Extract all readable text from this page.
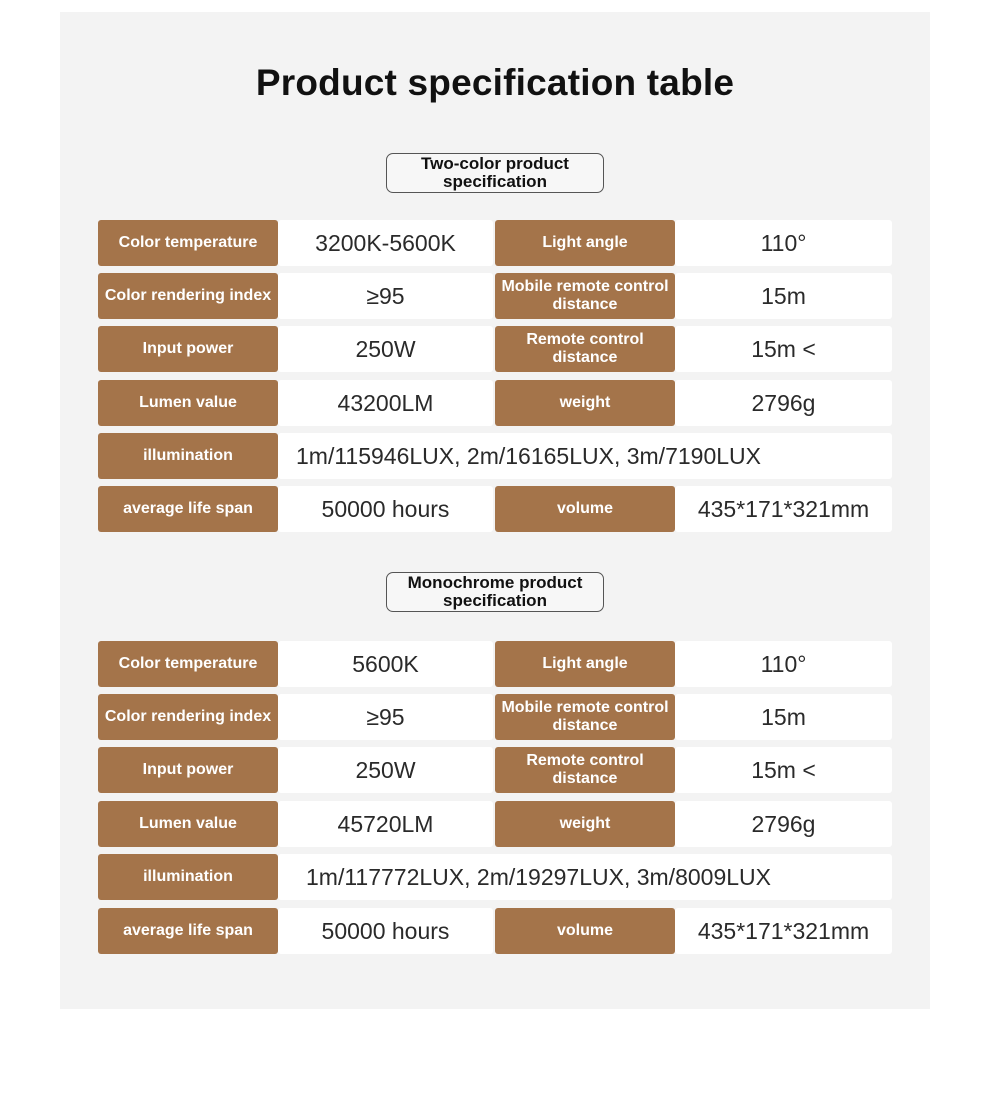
Product specification table
Two-color product specification
Color temperature	3200K-5600K	Light angle	110°
Color rendering index	≥95	Mobile remote control distance	15m
Input power	250W	Remote control distance	15m <
Lumen value	43200LM	weight	2796g
illumination	1m/115946LUX, 2m/16165LUX, 3m/7190LUX
average life span	50000 hours	volume	435*171*321mm
Monochrome product specification
Color temperature	5600K	Light angle	110°
Color rendering index	≥95	Mobile remote control distance	15m
Input power	250W	Remote control distance	15m <
Lumen value	45720LM	weight	2796g
illumination	1m/117772LUX, 2m/19297LUX, 3m/8009LUX
average life span	50000 hours	volume	435*171*321mm
